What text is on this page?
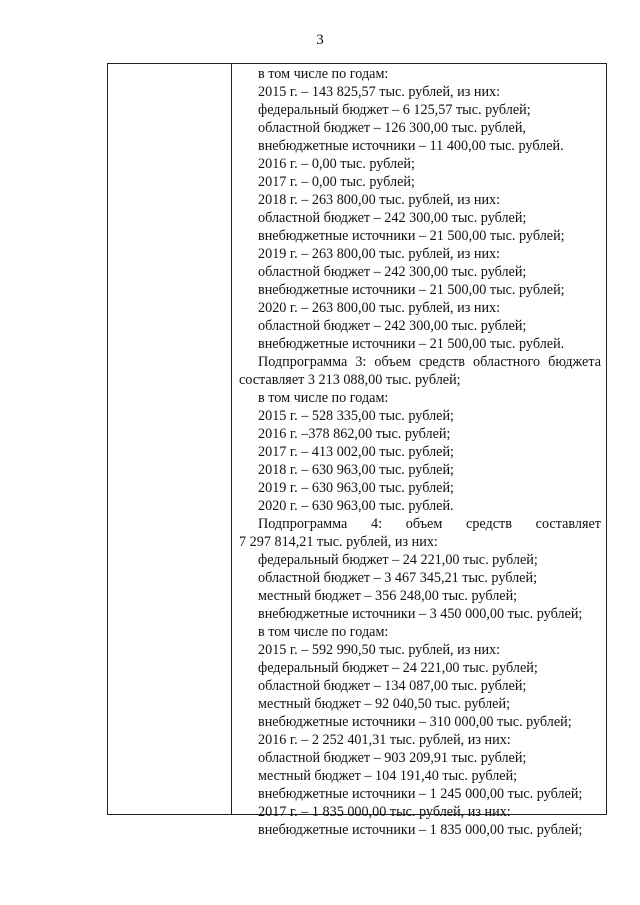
3
в том числе по годам:
2015 г. – 143 825,57 тыс. рублей, из них:
федеральный бюджет – 6 125,57 тыс. рублей;
областной бюджет – 126 300,00 тыс. рублей,
внебюджетные источники – 11 400,00 тыс. рублей.
2016 г. – 0,00 тыс. рублей;
2017 г. – 0,00 тыс. рублей;
2018 г. – 263 800,00 тыс. рублей, из них:
областной бюджет – 242 300,00 тыс. рублей;
внебюджетные источники – 21 500,00 тыс. рублей;
2019 г. – 263 800,00 тыс. рублей, из них:
областной бюджет – 242 300,00 тыс. рублей;
внебюджетные источники – 21 500,00 тыс. рублей;
2020 г. – 263 800,00 тыс. рублей, из них:
областной бюджет – 242 300,00 тыс. рублей;
внебюджетные источники – 21 500,00 тыс. рублей.
Подпрограмма 3: объем средств областного бюджета
составляет 3 213 088,00 тыс. рублей;
в том числе по годам:
2015 г. – 528 335,00 тыс. рублей;
2016 г. –378 862,00 тыс. рублей;
2017 г. – 413 002,00 тыс. рублей;
2018 г. – 630 963,00 тыс. рублей;
2019 г. – 630 963,00 тыс. рублей;
2020 г. – 630 963,00 тыс. рублей.
Подпрограмма 4: объем средств составляет
7 297 814,21 тыс. рублей, из них:
федеральный бюджет – 24 221,00 тыс. рублей;
областной бюджет – 3 467 345,21 тыс. рублей;
местный бюджет – 356 248,00 тыс. рублей;
внебюджетные источники – 3 450 000,00 тыс. рублей;
в том числе по годам:
2015 г. – 592 990,50 тыс. рублей, из них:
федеральный бюджет – 24 221,00 тыс. рублей;
областной бюджет – 134 087,00 тыс. рублей;
местный бюджет – 92 040,50 тыс. рублей;
внебюджетные источники – 310 000,00 тыс. рублей;
2016 г. – 2 252 401,31 тыс. рублей, из них:
областной бюджет – 903 209,91 тыс. рублей;
местный бюджет – 104 191,40 тыс. рублей;
внебюджетные источники – 1 245 000,00 тыс. рублей;
2017 г. – 1 835 000,00 тыс. рублей, из них:
внебюджетные источники – 1 835 000,00 тыс. рублей;
